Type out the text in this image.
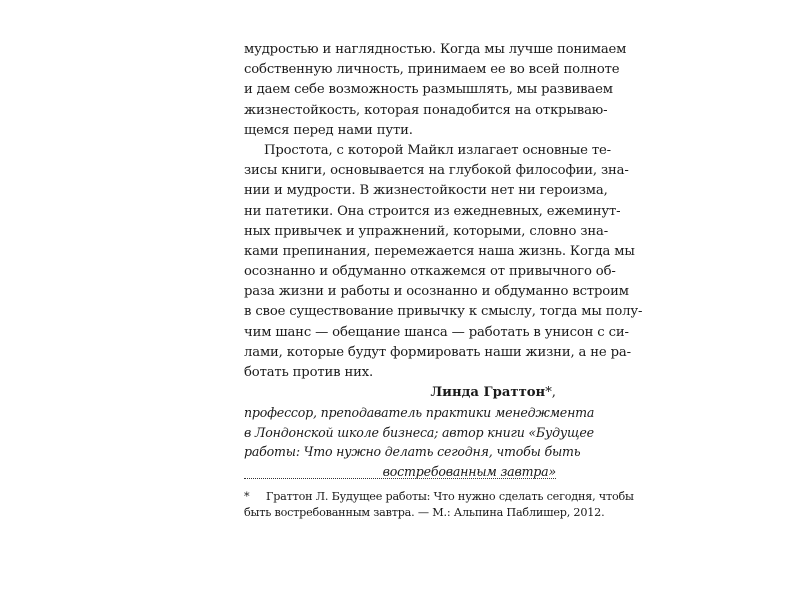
мудростью и наглядностью. Когда мы лучше понимаем
собственную личность, принимаем ее во всей полноте
и даем себе возможность размышлять, мы развиваем
жизнестойкость, которая понадобится на открываю-
щемся перед нами пути.
Простота, с которой Майкл излагает основные те-
зисы книги, основывается на глубокой философии, зна-
нии и мудрости. В жизнестойкости нет ни героизма,
ни патетики. Она строится из ежедневных, ежеминут-
ных привычек и упражнений, которыми, словно зна-
ками препинания, перемежается наша жизнь. Когда мы
осознанно и обдуманно откажемся от привычного об-
раза жизни и работы и осознанно и обдуманно встроим
в свое существование привычку к смыслу, тогда мы полу-
чим шанс — обещание шанса — работать в унисон с си-
лами, которые будут формировать наши жизни, а не ра-
ботать против них.
Линда Граттон*,
профессор, преподаватель практики менеджмента
в Лондонской школе бизнеса; автор книги «Будущее
работы: Что нужно делать сегодня, чтобы быть
востребованным завтра»
* Граттон Л. Будущее работы: Что нужно сделать сегодня, чтобы
быть востребованным завтра. — М.: Альпина Паблишер, 2012.
